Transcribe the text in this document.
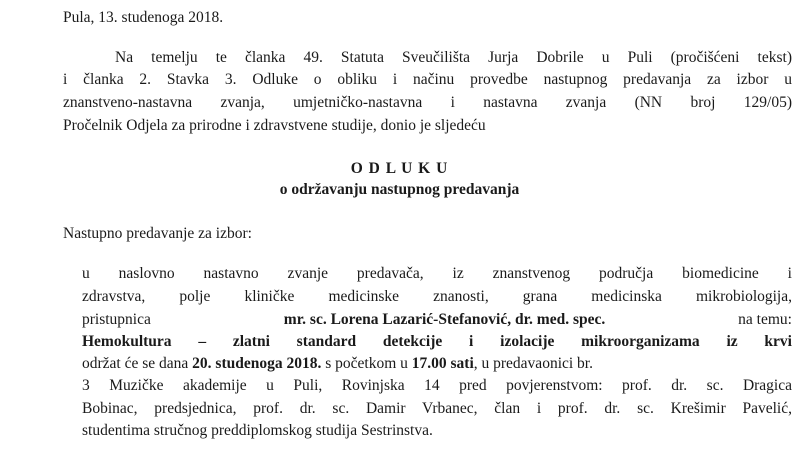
Pula, 13. studenoga 2018.
Na temelju te članka 49. Statuta Sveučilišta Jurja Dobrile u Puli (pročišćeni tekst)
i članka 2. Stavka 3. Odluke o obliku i načinu provedbe nastupnog predavanja za izbor u
znanstveno-nastavna zvanja, umjetničko-nastavna i nastavna zvanja (NN broj 129/05)
Pročelnik Odjela za prirodne i zdravstvene studije, donio je sljedeću
O D L U K U
o održavanju nastupnog predavanja
Nastupno predavanje za izbor:
u naslovno nastavno zvanje predavača, iz znanstvenog područja biomedicine i
zdravstva, polje kliničke medicinske znanosti, grana medicinska mikrobiologija,
pristupnica	mr. sc. Lorena Lazarić-Stefanović, dr. med. spec.	na temu:
Hemokultura – zlatni standard detekcije i izolacije mikroorganizama iz krvi
održat će se dana 20. studenoga 2018. s početkom u 17.00 sati, u predavaonici br.
3 Muzičke akademije u Puli, Rovinjska 14 pred povjerenstvom: prof. dr. sc. Dragica
Bobinac, predsjednica, prof. dr. sc. Damir Vrbanec, član i prof. dr. sc. Krešimir Pavelić,
studentima stručnog preddiplomskog studija Sestrinstva.
